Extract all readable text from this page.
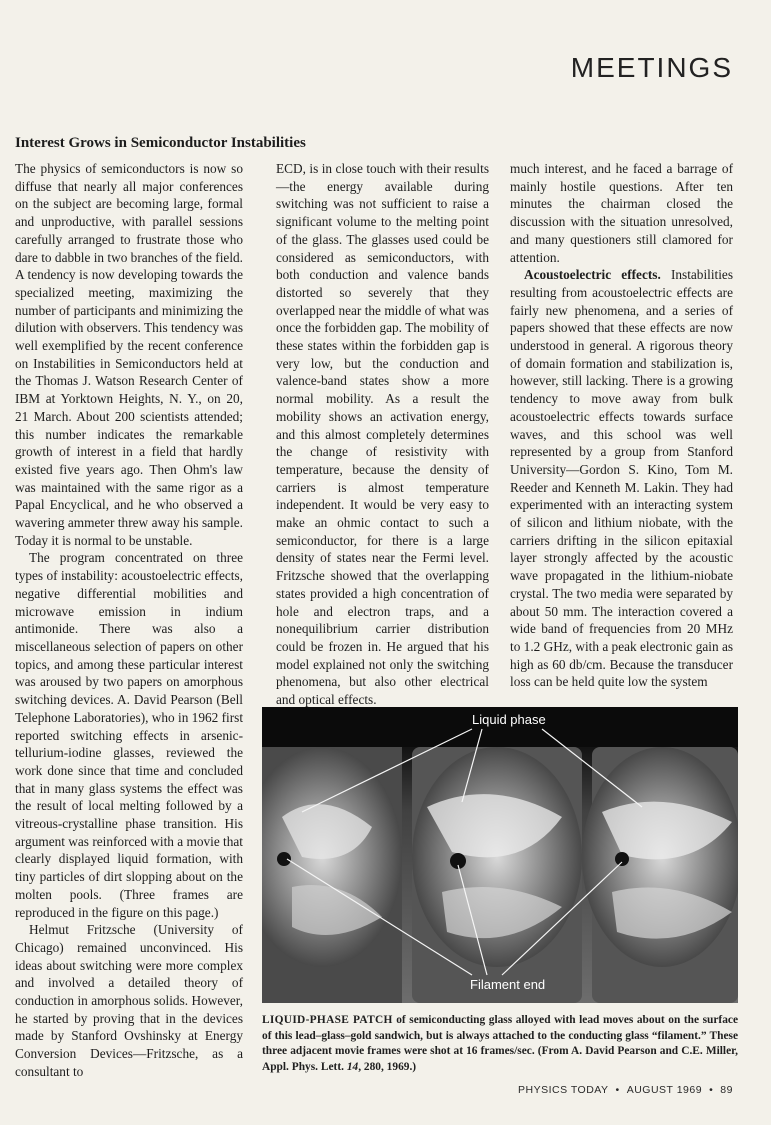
MEETINGS
Interest Grows in Semiconductor Instabilities

The physics of semiconductors is now so diffuse that nearly all major conferences on the subject are becoming large, formal and unproductive, with parallel sessions carefully arranged to frustrate those who dare to dabble in two branches of the field. A tendency is now developing towards the specialized meeting, maximizing the number of participants and minimizing the dilution with observers. This tendency was well exemplified by the recent conference on Instabilities in Semiconductors held at the Thomas J. Watson Research Center of IBM at Yorktown Heights, N. Y., on 20, 21 March. About 200 scientists attended; this number indicates the remarkable growth of interest in a field that hardly existed five years ago. Then Ohm's law was maintained with the same rigor as a Papal Encyclical, and he who observed a wavering ammeter threw away his sample. Today it is normal to be unstable.

The program concentrated on three types of instability: acoustoelectric effects, negative differential mobilities and microwave emission in indium antimonide. There was also a miscellaneous selection of papers on other topics, and among these particular interest was aroused by two papers on amorphous switching devices. A. David Pearson (Bell Telephone Laboratories), who in 1962 first reported switching effects in arsenic-tellurium-iodine glasses, reviewed the work done since that time and concluded that in many glass systems the effect was the result of local melting followed by a vitreous-crystalline phase transition. His argument was reinforced with a movie that clearly displayed liquid formation, with tiny particles of dirt slopping about on the molten pools. (Three frames are reproduced in the figure on this page.)

Helmut Fritzsche (University of Chicago) remained unconvinced. His ideas about switching were more complex and involved a detailed theory of conduction in amorphous solids. However, he started by proving that in the devices made by Stanford Ovshinsky at Energy Conversion Devices—Fritzsche, as a consultant to

ECD, is in close touch with their results—the energy available during switching was not sufficient to raise a significant volume to the melting point of the glass. The glasses used could be considered as semiconductors, with both conduction and valence bands distorted so severely that they overlapped near the middle of what was once the forbidden gap. The mobility of these states within the forbidden gap is very low, but the conduction and valence-band states show a more normal mobility. As a result the mobility shows an activation energy, and this almost completely determines the change of resistivity with temperature, because the density of carriers is almost temperature independent. It would be very easy to make an ohmic contact to such a semiconductor, for there is a large density of states near the Fermi level. Fritzsche showed that the overlapping states provided a high concentration of hole and electron traps, and a nonequilibrium carrier distribution could be frozen in. He argued that his model explained not only the switching phenomena, but also other electrical and optical effects.

much interest, and he faced a barrage of mainly hostile questions. After ten minutes the chairman closed the discussion with the situation unresolved, and many questioners still clamored for attention.

Acoustoelectric effects. Instabilities resulting from acoustoelectric effects are fairly new phenomena, and a series of papers showed that these effects are now understood in general. A rigorous theory of domain formation and stabilization is, however, still lacking. There is a growing tendency to move away from bulk acoustoelectric effects towards surface waves, and this school was well represented by a group from Stanford University—Gordon S. Kino, Tom M. Reeder and Kenneth M. Lakin. They had experimented with an interacting system of silicon and lithium niobate, with the carriers drifting in the silicon epitaxial layer strongly affected by the acoustic wave propagated in the lithium-niobate crystal. The two media were separated by about 50 mm. The interaction covered a wide band of frequencies from 20 MHz to 1.2 GHz, with a peak electronic gain as high as 60 db/cm. Because the transducer loss can be held quite low the system

Liquid phase
Filament end
LIQUID-PHASE PATCH of semiconducting glass alloyed with lead moves about on the surface of this lead–glass–gold sandwich, but is always attached to the conducting glass “filament.” These three adjacent movie frames were shot at 16 frames/sec. (From A. David Pearson and C.E. Miller, Appl. Phys. Lett. 14, 280, 1969.)
PHYSICS TODAY • AUGUST 1969 • 89
